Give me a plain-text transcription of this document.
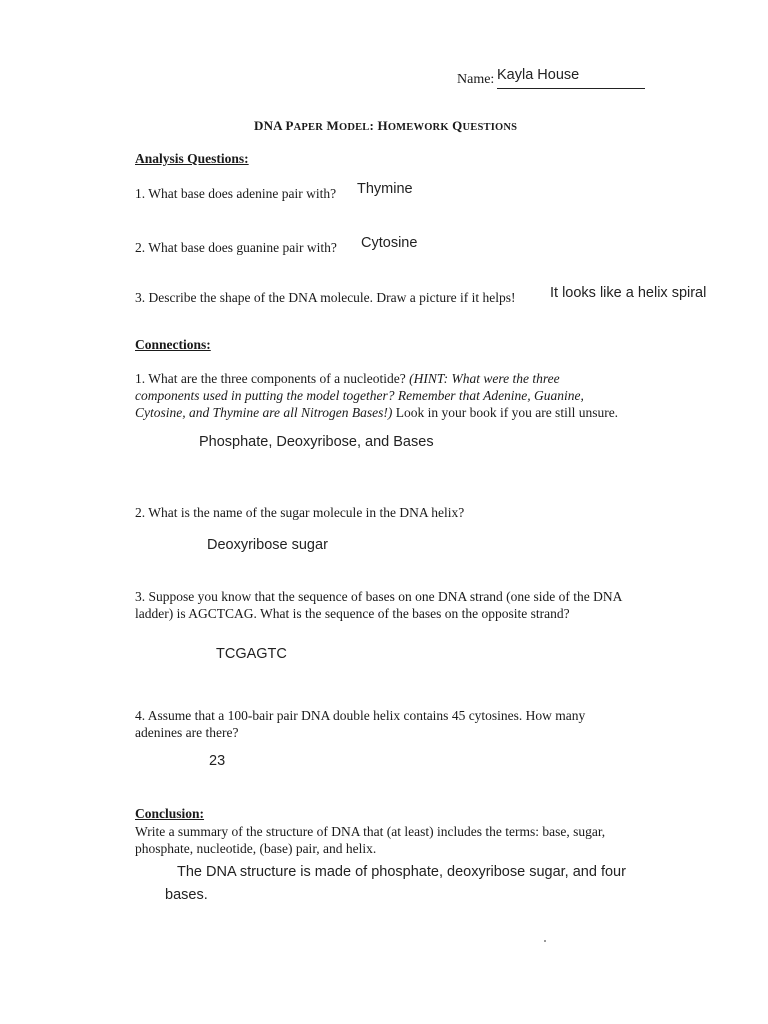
Name: Kayla House
DNA PAPER MODEL: HOMEWORK QUESTIONS
Analysis Questions:
1. What base does adenine pair with? Thymine
2. What base does guanine pair with? Cytosine
3. Describe the shape of the DNA molecule. Draw a picture if it helps! It looks like a helix spiral
Connections:
1. What are the three components of a nucleotide? (HINT: What were the three components used in putting the model together? Remember that Adenine, Guanine, Cytosine, and Thymine are all Nitrogen Bases!) Look in your book if you are still unsure.
Phosphate, Deoxyribose, and Bases
2. What is the name of the sugar molecule in the DNA helix?
Deoxyribose sugar
3. Suppose you know that the sequence of bases on one DNA strand (one side of the DNA ladder) is AGCTCAG. What is the sequence of the bases on the opposite strand?
TCGAGTC
4. Assume that a 100-bair pair DNA double helix contains 45 cytosines. How many adenines are there?
23
Conclusion:
Write a summary of the structure of DNA that (at least) includes the terms: base, sugar, phosphate, nucleotide, (base) pair, and helix.
The DNA structure is made of phosphate, deoxyribose sugar, and four
bases.
